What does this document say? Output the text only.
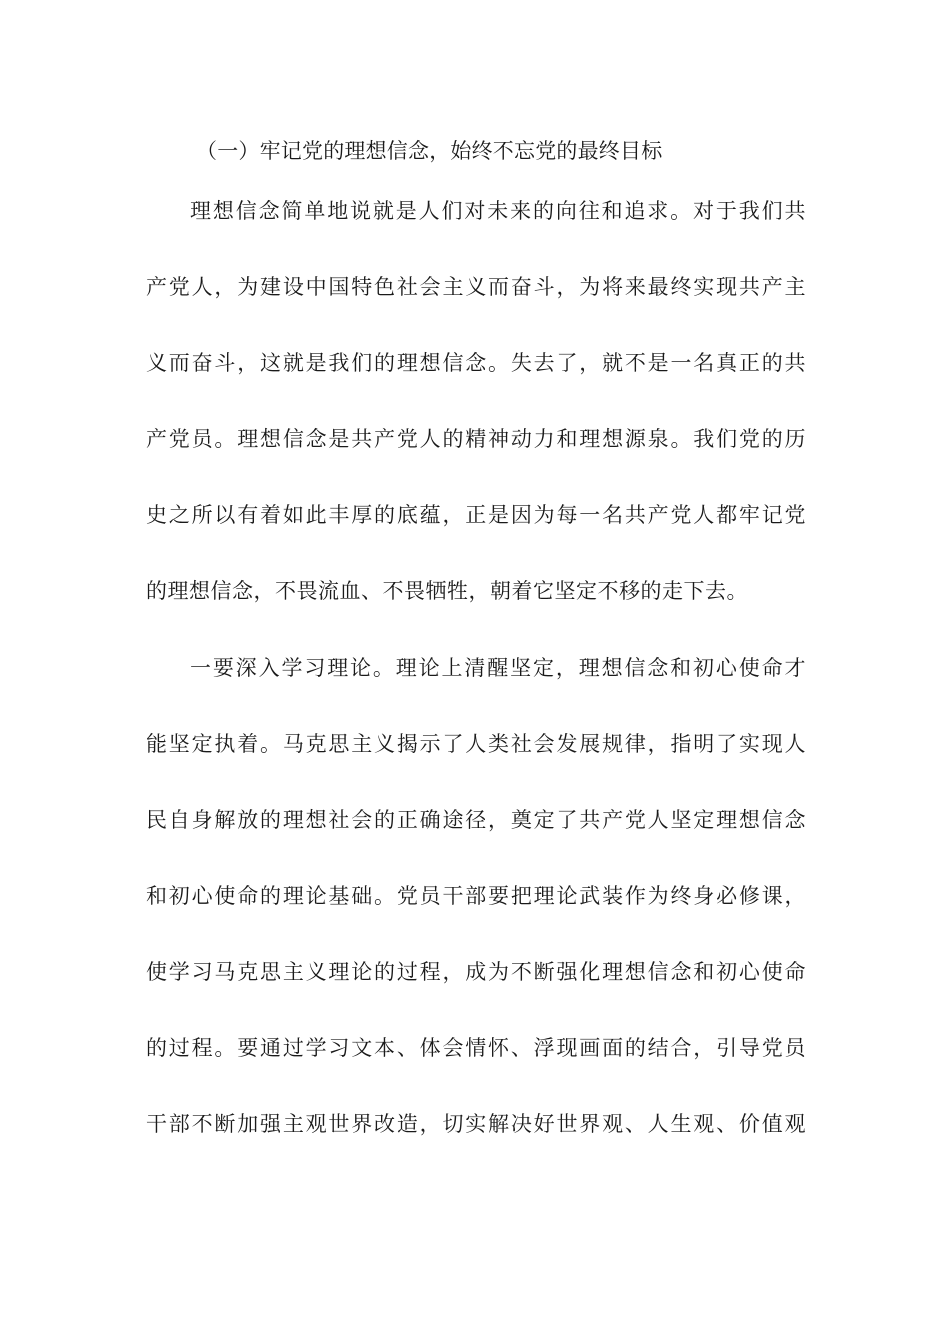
（一）牢记党的理想信念，始终不忘党的最终目标
理想信念简单地说就是人们对未来的向往和追求。对于我们共
产党人，为建设中国特色社会主义而奋斗，为将来最终实现共产主
义而奋斗，这就是我们的理想信念。失去了，就不是一名真正的共
产党员。理想信念是共产党人的精神动力和理想源泉。我们党的历
史之所以有着如此丰厚的底蕴，正是因为每一名共产党人都牢记党
的理想信念，不畏流血、不畏牺牲，朝着它坚定不移的走下去。
一要深入学习理论。理论上清醒坚定，理想信念和初心使命才
能坚定执着。马克思主义揭示了人类社会发展规律，指明了实现人
民自身解放的理想社会的正确途径，奠定了共产党人坚定理想信念
和初心使命的理论基础。党员干部要把理论武装作为终身必修课，
使学习马克思主义理论的过程，成为不断强化理想信念和初心使命
的过程。要通过学习文本、体会情怀、浮现画面的结合，引导党员
干部不断加强主观世界改造，切实解决好世界观、人生观、价值观
